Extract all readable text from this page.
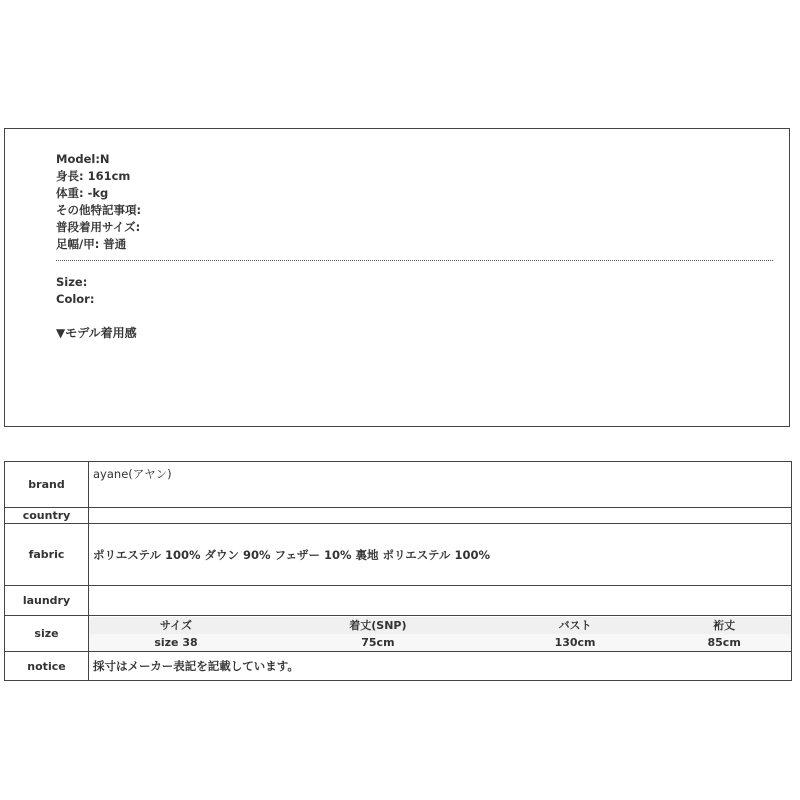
Model:N
身長: 161cm
体重: -kg
その他特記事項:
普段着用サイズ:
足幅/甲: 普通
Size:
Color:
▼モデル着用感
brand	ayane(アヤン)
country	
fabric	ポリエステル 100% ダウン 90% フェザー 10% 裏地 ポリエステル 100%
laundry	
size	
サイズ	着丈(SNP)	バスト	裄丈
size 38	75cm	130cm	85cm

notice	採寸はメーカー表記を記載しています。
